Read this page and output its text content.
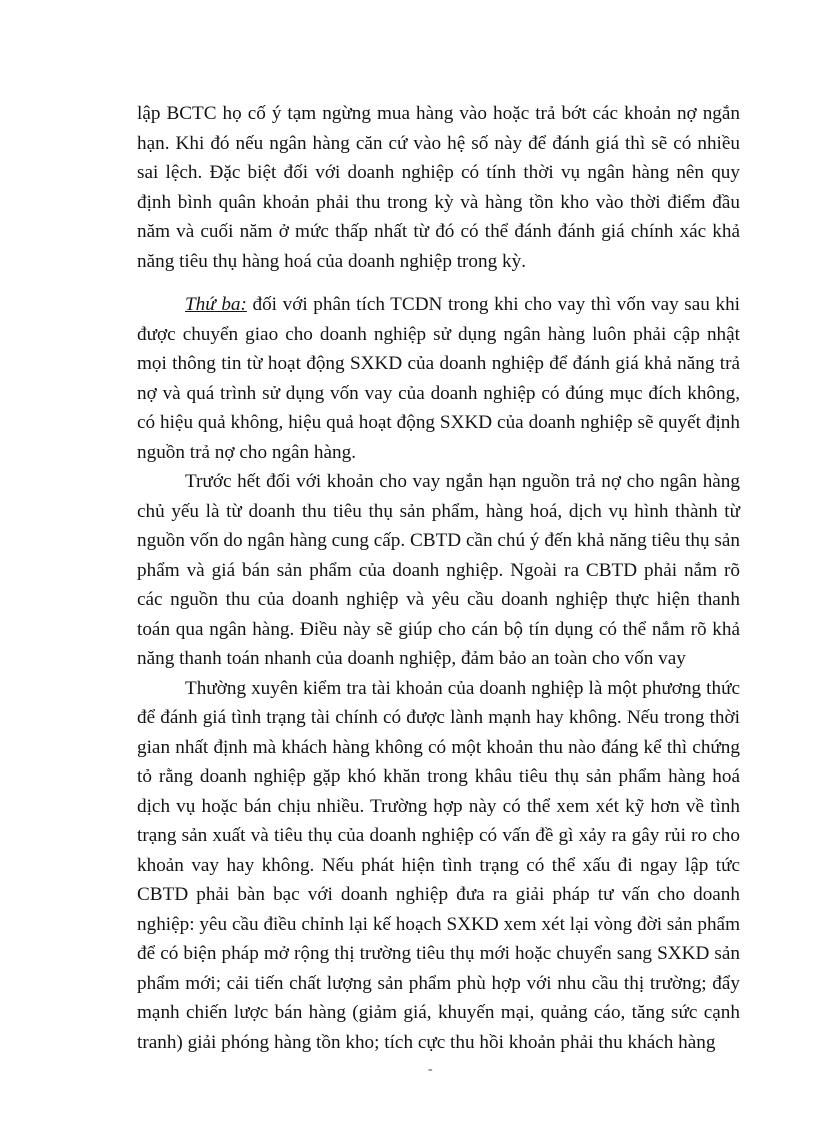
lập BCTC họ cố ý tạm ngừng mua hàng vào hoặc trả bớt các khoản nợ ngắn hạn. Khi đó nếu ngân hàng căn cứ vào hệ số này để đánh giá thì sẽ có nhiều sai lệch. Đặc biệt đối với doanh nghiệp có tính thời vụ ngân hàng nên quy định bình quân khoản phải thu trong kỳ và hàng tồn kho vào thời điểm đầu năm và cuối năm ở mức thấp nhất từ đó có thể đánh đánh giá chính xác khả năng tiêu thụ hàng hoá của doanh nghiệp trong kỳ.

Thứ ba: đối với phân tích TCDN trong khi cho vay thì vốn vay sau khi được chuyển giao cho doanh nghiệp sử dụng ngân hàng luôn phải cập nhật mọi thông tin từ hoạt động SXKD của doanh nghiệp để đánh giá khả năng trả nợ và quá trình sử dụng vốn vay của doanh nghiệp có đúng mục đích không, có hiệu quả không, hiệu quả hoạt động SXKD của doanh nghiệp sẽ quyết định nguồn trả nợ cho ngân hàng.

Trước hết đối với khoản cho vay ngắn hạn nguồn trả nợ cho ngân hàng chủ yếu là từ doanh thu tiêu thụ sản phẩm, hàng hoá, dịch vụ hình thành từ nguồn vốn do ngân hàng cung cấp. CBTD cần chú ý đến khả năng tiêu thụ sản phẩm và giá bán sản phẩm của doanh nghiệp. Ngoài ra CBTD phải nắm rõ các nguồn thu của doanh nghiệp và yêu cầu doanh nghiệp thực hiện thanh toán qua ngân hàng. Điều này sẽ giúp cho cán bộ tín dụng có thể nắm rõ khả năng thanh toán nhanh của doanh nghiệp, đảm bảo an toàn cho vốn vay

Thường xuyên kiểm tra tài khoản của doanh nghiệp là một phương thức để đánh giá tình trạng tài chính có được lành mạnh hay không. Nếu trong thời gian nhất định mà khách hàng không có một khoản thu nào đáng kể thì chứng tỏ rằng doanh nghiệp gặp khó khăn trong khâu tiêu thụ sản phẩm hàng hoá dịch vụ hoặc bán chịu nhiều. Trường hợp này có thể xem xét kỹ hơn về tình trạng sản xuất và tiêu thụ của doanh nghiệp có vấn đề gì xảy ra gây rủi ro cho khoản vay hay không. Nếu phát hiện tình trạng có thể xấu đi ngay lập tức CBTD phải bàn bạc với doanh nghiệp đưa ra giải pháp tư vấn cho doanh nghiệp: yêu cầu điều chỉnh lại kế hoạch SXKD xem xét lại vòng đời sản phẩm để có biện pháp mở rộng thị trường tiêu thụ mới hoặc chuyển sang SXKD sản phẩm mới; cải tiến chất lượng sản phẩm phù hợp với nhu cầu thị trường; đẩy mạnh chiến lược bán hàng (giảm giá, khuyến mại, quảng cáo, tăng sức cạnh tranh) giải phóng hàng tồn kho; tích cực thu hồi khoản phải thu khách hàng

-
